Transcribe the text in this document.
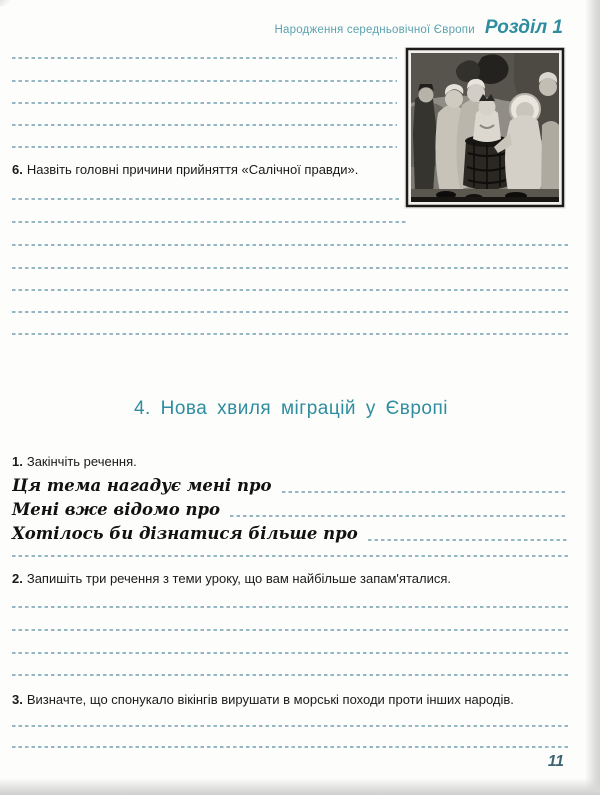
Народження середньовічної Європи Розділ 1

6. Назвіть головні причини прийняття «Салічної правди».

4. Нова хвиля міграцій у Європі

1. Закінчіть речення.

Ця тема нагадує мені про
Мені вже відомо про
Хотілось би дізнатися більше про

2. Запишіть три речення з теми уроку, що вам найбільше запам'яталися.

3. Визначте, що спонукало вікінгів вирушати в морські походи проти інших народів.

11
